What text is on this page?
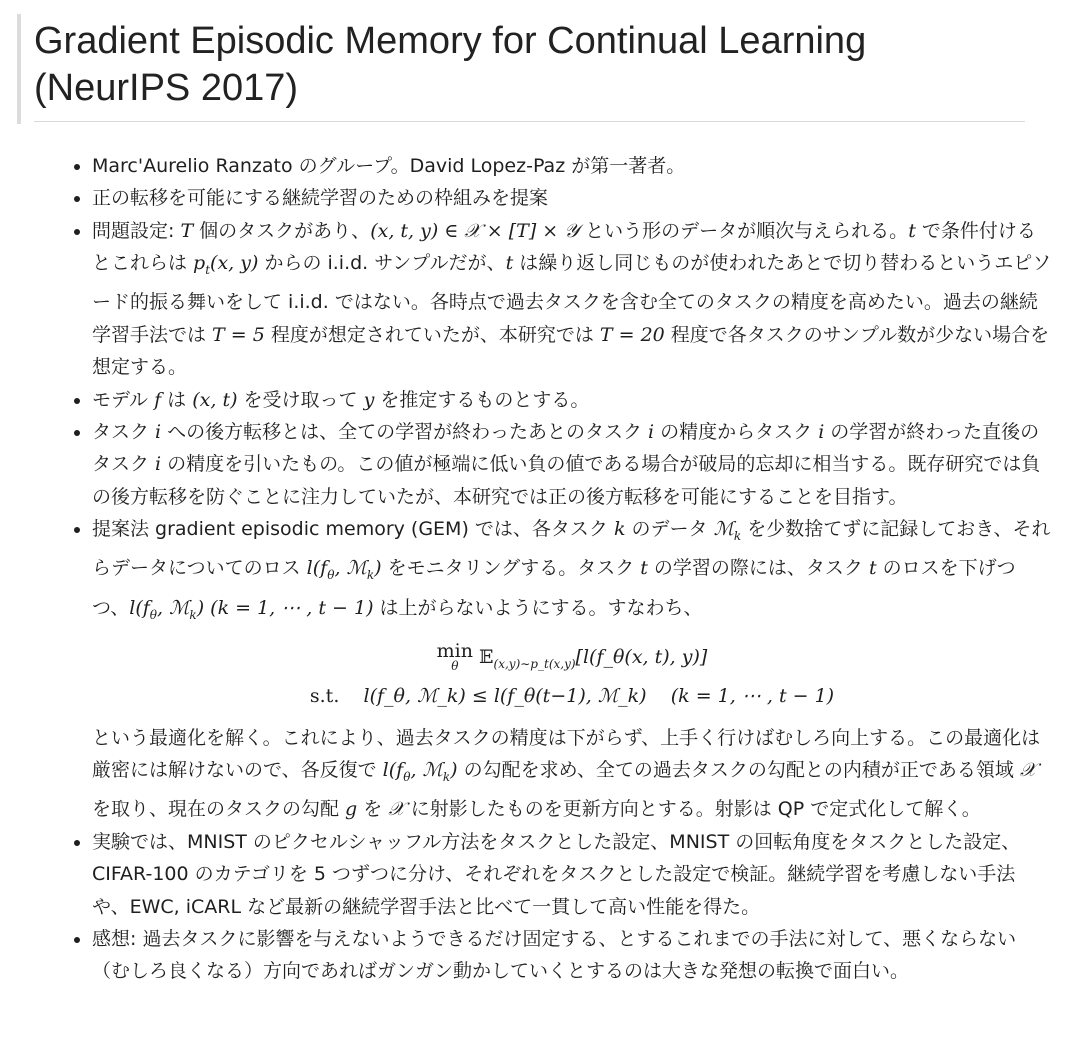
Gradient Episodic Memory for Continual Learning (NeurIPS 2017)
• Marc'Aurelio Ranzato のグループ。David Lopez-Paz が第一著者。
• 正の転移を可能にする継続学習のための枠組みを提案
• 問題設定: T 個のタスクがあり、(x, t, y) ∈ 𝒳 × [T] × 𝒴 という形のデータが順次与えられる。t で条件付けるとこれらは $p_t(x$, y) からの i.i.d. サンプルだが、t は繰り返し同じものが使われたあとで切り替わるというエピソード的振る舞いをして i.i.d. ではない。各時点で過去タスクを含む全てのタスクの精度を高めたい。過去の継続学習手法では T = 5 程度が想定されていたが、本研究では T = 20 程度で各タスクのサンプル数が少ない場合を想定する。
• モデル f は (x, t) を受け取って y を推定するものとする。
• タスク i への後方転移とは、全ての学習が終わったあとのタスク i の精度からタスク i の学習が終わった直後のタスク i の精度を引いたもの。この値が極端に低い負の値である場合が破局的忘却に相当する。既存研究では負の後方転移を防ぐことに注力していたが、本研究では正の後方転移を可能にすることを目指す。
• 提案法 gradient episodic memory (GEM) では、各タスク k のデータ ℳ$_k$ を少数捨てずに記録しておき、それらデータについてのロス $l(f_\theta$, ℳ$_k$) をモニタリングする。タスク t の学習の際には、タスク t のロスを下げつつ、$l(f_\theta$, ℳ$_k$) (k = 1, ⋯ , t − 1) は上がらないようにする。すなわち、
min
θ	𝔼$_{(x,y)\sim p\_t(x,y)}$[l(f_θ(x, t), y)]
s.t. l(f_θ, ℳ_k) ≤ l(f_θ(t−1), ℳ_k) (k = 1, ⋯ , t − 1)
という最適化を解く。これにより、過去タスクの精度は下がらず、上手く行けばむしろ向上する。この最適化は厳密には解けないので、各反復で $l(f_\theta$, ℳ$_k$) の勾配を求め、全ての過去タスクの勾配との内積が正である領域 𝒳 を取り、現在のタスクの勾配 g を 𝒳 に射影したものを更新方向とする。射影は QP で定式化して解く。
• 実験では、MNIST のピクセルシャッフル方法をタスクとした設定、MNIST の回転角度をタスクとした設定、CIFAR-100 のカテゴリを 5 つずつに分け、それぞれをタスクとした設定で検証。継続学習を考慮しない手法や、EWC, iCARL など最新の継続学習手法と比べて一貫して高い性能を得た。
• 感想: 過去タスクに影響を与えないようできるだけ固定する、とするこれまでの手法に対して、悪くならない（むしろ良くなる）方向であればガンガン動かしていくとするのは大きな発想の転換で面白い。
